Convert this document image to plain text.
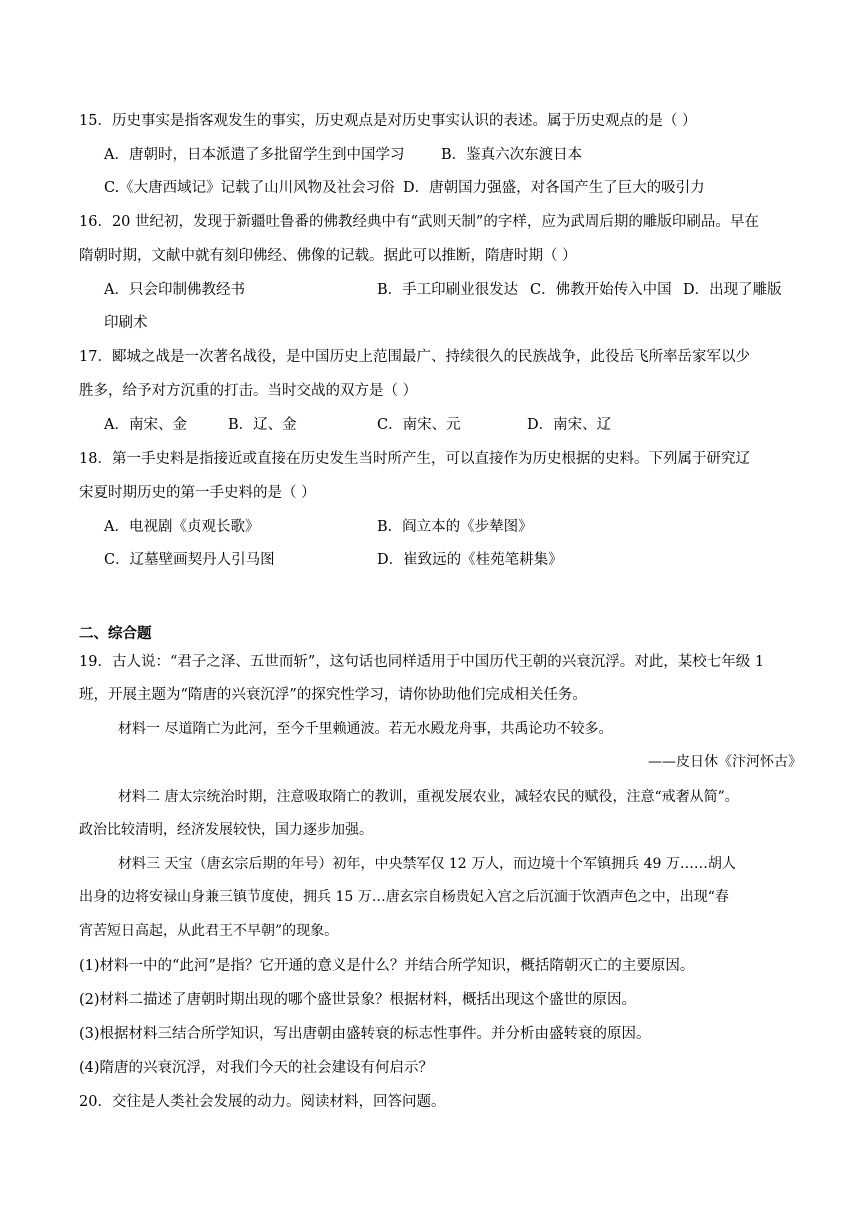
15．历史事实是指客观发生的事实，历史观点是对历史事实认识的表述。属于历史观点的是（ ）
A．唐朝时，日本派遣了多批留学生到中国学习	B．鉴真六次东渡日本
C.《大唐西域记》记载了山川风物及社会习俗 D．唐朝国力强盛，对各国产生了巨大的吸引力
16．20 世纪初，发现于新疆吐鲁番的佛教经典中有“武则天制”的字样，应为武周后期的雕版印刷品。早在
隋朝时期，文献中就有刻印佛经、佛像的记载。据此可以推断，隋唐时期（ ）
A．只会印制佛教经书	B．手工印刷业很发达 C．佛教开始传入中国 D．出现了雕版
印刷术
17．郾城之战是一次著名战役，是中国历史上范围最广、持续很久的民族战争，此役岳飞所率岳家军以少
胜多，给予对方沉重的打击。当时交战的双方是（ ）
A．南宋、金	B．辽、金	C．南宋、元	D．南宋、辽
18．第一手史料是指接近或直接在历史发生当时所产生，可以直接作为历史根据的史料。下列属于研究辽
宋夏时期历史的第一手史料的是（ ）
A．电视剧《贞观长歌》	B．阎立本的《步辇图》
C．辽墓壁画契丹人引马图	D．崔致远的《桂苑笔耕集》
二、综合题
19．古人说：“君子之泽、五世而斩”，这句话也同样适用于中国历代王朝的兴衰沉浮。对此，某校七年级 1
班，开展主题为“隋唐的兴衰沉浮”的探究性学习，请你协助他们完成相关任务。
材料一 尽道隋亡为此河，至今千里赖通波。若无水殿龙舟事，共禹论功不较多。
——皮日休《汴河怀古》
材料二 唐太宗统治时期，注意吸取隋亡的教训，重视发展农业，减轻农民的赋役，注意“戒奢从简”。
政治比较清明，经济发展较快，国力逐步加强。
材料三 天宝（唐玄宗后期的年号）初年，中央禁军仅 12 万人，而边境十个军镇拥兵 49 万……胡人
出身的边将安禄山身兼三镇节度使，拥兵 15 万…唐玄宗自杨贵妃入宫之后沉湎于饮酒声色之中，出现“春
宵苦短日高起，从此君王不早朝”的现象。
(1)材料一中的“此河”是指？它开通的意义是什么？并结合所学知识，概括隋朝灭亡的主要原因。
(2)材料二描述了唐朝时期出现的哪个盛世景象？根据材料，概括出现这个盛世的原因。
(3)根据材料三结合所学知识，写出唐朝由盛转衰的标志性事件。并分析由盛转衰的原因。
(4)隋唐的兴衰沉浮，对我们今天的社会建设有何启示？
20．交往是人类社会发展的动力。阅读材料，回答问题。
